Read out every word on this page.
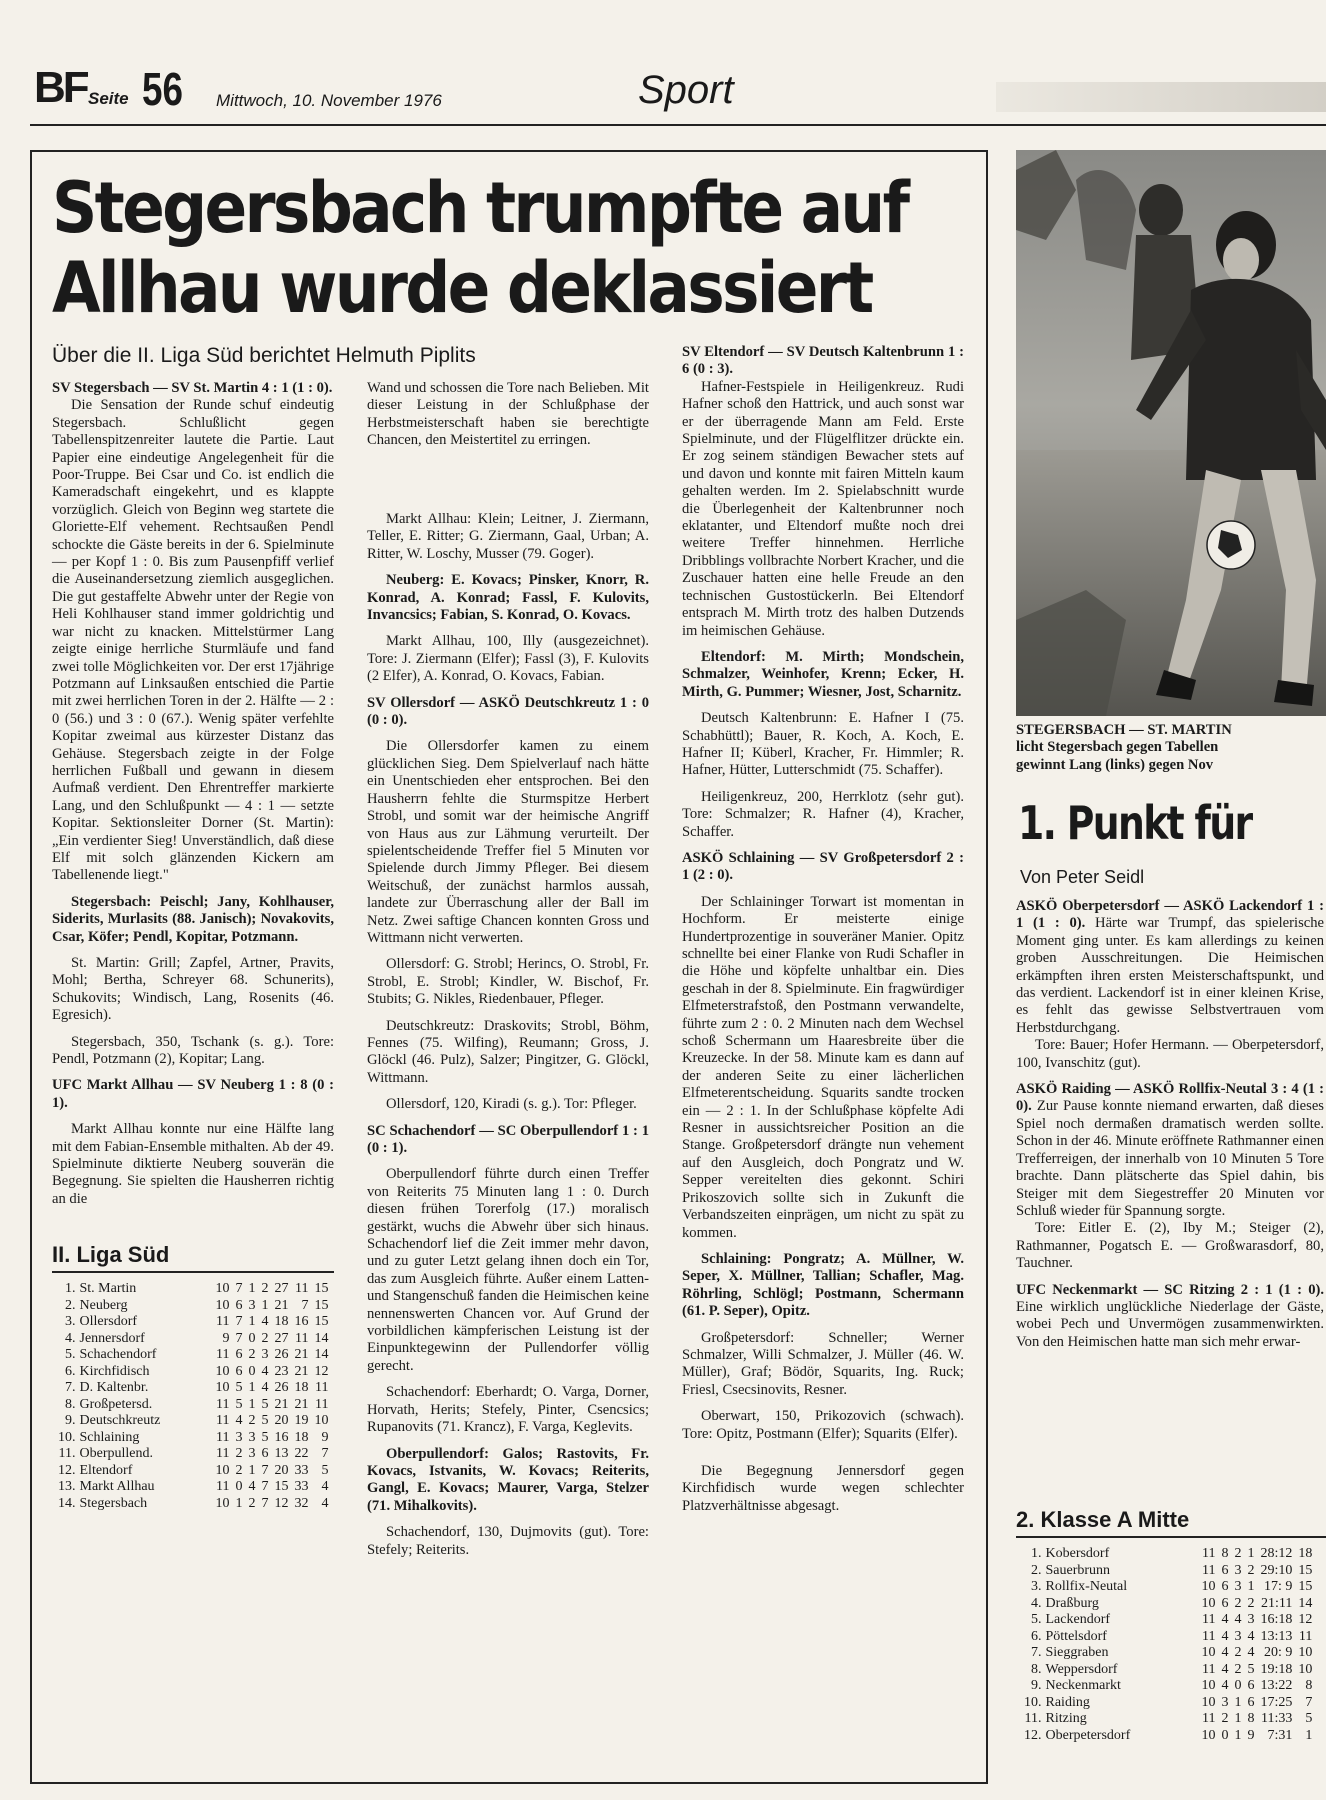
BF Seite 56 Mittwoch, 10. November 1976	Sport
Stegersbach trumpfte auf
Allhau wurde deklassiert
Über die II. Liga Süd berichtet Helmuth Piplits

SV Stegersbach — SV St. Martin 4 : 1 (1 : 0).

Die Sensation der Runde schuf eindeutig Stegersbach. Schlußlicht gegen Tabellenspitzenreiter lautete die Partie. Laut Papier eine eindeutige Angelegenheit für die Poor-Truppe. Bei Csar und Co. ist endlich die Kameradschaft eingekehrt, und es klappte vorzüglich. Gleich von Beginn weg startete die Gloriette-Elf vehement. Rechtsaußen Pendl schockte die Gäste bereits in der 6. Spielminute — per Kopf 1 : 0. Bis zum Pausenpfiff verlief die Auseinandersetzung ziemlich ausgeglichen. Die gut gestaffelte Abwehr unter der Regie von Heli Kohlhauser stand immer goldrichtig und war nicht zu knacken. Mittelstürmer Lang zeigte einige herrliche Sturmläufe und fand zwei tolle Möglichkeiten vor. Der erst 17jährige Potzmann auf Linksaußen entschied die Partie mit zwei herrlichen Toren in der 2. Hälfte — 2 : 0 (56.) und 3 : 0 (67.). Wenig später verfehlte Kopitar zweimal aus kürzester Distanz das Gehäuse. Stegersbach zeigte in der Folge herrlichen Fußball und gewann in diesem Aufmaß verdient. Den Ehrentreffer markierte Lang, und den Schlußpunkt — 4 : 1 — setzte Kopitar. Sektionsleiter Dorner (St. Martin): „Ein verdienter Sieg! Unverständlich, daß diese Elf mit solch glänzenden Kickern am Tabellenende liegt."

Stegersbach: Peischl; Jany, Kohlhauser, Siderits, Murlasits (88. Janisch); Novakovits, Csar, Köfer; Pendl, Kopitar, Potzmann.

St. Martin: Grill; Zapfel, Artner, Pravits, Mohl; Bertha, Schreyer 68. Schunerits), Schukovits; Windisch, Lang, Rosenits (46. Egresich).

Stegersbach, 350, Tschank (s. g.). Tore: Pendl, Potzmann (2), Kopitar; Lang.

UFC Markt Allhau — SV Neuberg 1 : 8 (0 : 1).

Markt Allhau konnte nur eine Hälfte lang mit dem Fabian-Ensemble mithalten. Ab der 49. Spielminute diktierte Neuberg souverän die Begegnung. Sie spielten die Hausherren richtig an die

II. Liga Süd
1.	St. Martin	10	7	1	2	27	11	15
2.	Neuberg	10	6	3	1	21	7	15
3.	Ollersdorf	11	7	1	4	18	16	15
4.	Jennersdorf	9	7	0	2	27	11	14
5.	Schachendorf	11	6	2	3	26	21	14
6.	Kirchfidisch	10	6	0	4	23	21	12
7.	D. Kaltenbr.	10	5	1	4	26	18	11
8.	Großpetersd.	11	5	1	5	21	21	11
9.	Deutschkreutz	11	4	2	5	20	19	10
10.	Schlaining	11	3	3	5	16	18	9
11.	Oberpullend.	11	2	3	6	13	22	7
12.	Eltendorf	10	2	1	7	20	33	5
13.	Markt Allhau	11	0	4	7	15	33	4
14.	Stegersbach	10	1	2	7	12	32	4

Wand und schossen die Tore nach Belieben. Mit dieser Leistung in der Schlußphase der Herbstmeisterschaft haben sie berechtigte Chancen, den Meistertitel zu erringen.

Markt Allhau: Klein; Leitner, J. Ziermann, Teller, E. Ritter; G. Ziermann, Gaal, Urban; A. Ritter, W. Loschy, Musser (79. Goger).

Neuberg: E. Kovacs; Pinsker, Knorr, R. Konrad, A. Konrad; Fassl, F. Kulovits, Invancsics; Fabian, S. Konrad, O. Kovacs.

Markt Allhau, 100, Illy (ausgezeichnet). Tore: J. Ziermann (Elfer); Fassl (3), F. Kulovits (2 Elfer), A. Konrad, O. Kovacs, Fabian.

SV Ollersdorf — ASKÖ Deutschkreutz 1 : 0 (0 : 0).

Die Ollersdorfer kamen zu einem glücklichen Sieg. Dem Spielverlauf nach hätte ein Unentschieden eher entsprochen. Bei den Hausherrn fehlte die Sturmspitze Herbert Strobl, und somit war der heimische Angriff von Haus aus zur Lähmung verurteilt. Der spielentscheidende Treffer fiel 5 Minuten vor Spielende durch Jimmy Pfleger. Bei diesem Weitschuß, der zunächst harmlos aussah, landete zur Überraschung aller der Ball im Netz. Zwei saftige Chancen konnten Gross und Wittmann nicht verwerten.

Ollersdorf: G. Strobl; Herincs, O. Strobl, Fr. Strobl, E. Strobl; Kindler, W. Bischof, Fr. Stubits; G. Nikles, Riedenbauer, Pfleger.

Deutschkreutz: Draskovits; Strobl, Böhm, Fennes (75. Wilfing), Reumann; Gross, J. Glöckl (46. Pulz), Salzer; Pingitzer, G. Glöckl, Wittmann.

Ollersdorf, 120, Kiradi (s. g.). Tor: Pfleger.

SC Schachendorf — SC Oberpullendorf 1 : 1 (0 : 1).

Oberpullendorf führte durch einen Treffer von Reiterits 75 Minuten lang 1 : 0. Durch diesen frühen Torerfolg (17.) moralisch gestärkt, wuchs die Abwehr über sich hinaus. Schachendorf lief die Zeit immer mehr davon, und zu guter Letzt gelang ihnen doch ein Tor, das zum Ausgleich führte. Außer einem Latten- und Stangenschuß fanden die Heimischen keine nennenswerten Chancen vor. Auf Grund der vorbildlichen kämpferischen Leistung ist der Einpunktegewinn der Pullendorfer völlig gerecht.

Schachendorf: Eberhardt; O. Varga, Dorner, Horvath, Herits; Stefely, Pinter, Csencsics; Rupanovits (71. Krancz), F. Varga, Keglevits.

Oberpullendorf: Galos; Rastovits, Fr. Kovacs, Istvanits, W. Kovacs; Reiterits, Gangl, E. Kovacs; Maurer, Varga, Stelzer (71. Mihalkovits).

Schachendorf, 130, Dujmovits (gut). Tore: Stefely; Reiterits.

SV Eltendorf — SV Deutsch Kaltenbrunn 1 : 6 (0 : 3).

Hafner-Festspiele in Heiligenkreuz. Rudi Hafner schoß den Hattrick, und auch sonst war er der überragende Mann am Feld. Erste Spielminute, und der Flügelflitzer drückte ein. Er zog seinem ständigen Bewacher stets auf und davon und konnte mit fairen Mitteln kaum gehalten werden. Im 2. Spielabschnitt wurde die Überlegenheit der Kaltenbrunner noch eklatanter, und Eltendorf mußte noch drei weitere Treffer hinnehmen. Herrliche Dribblings vollbrachte Norbert Kracher, und die Zuschauer hatten eine helle Freude an den technischen Gustostückerln. Bei Eltendorf entsprach M. Mirth trotz des halben Dutzends im heimischen Gehäuse.

Eltendorf: M. Mirth; Mondschein, Schmalzer, Weinhofer, Krenn; Ecker, H. Mirth, G. Pummer; Wiesner, Jost, Scharnitz.

Deutsch Kaltenbrunn: E. Hafner I (75. Schabhüttl); Bauer, R. Koch, A. Koch, E. Hafner II; Küberl, Kracher, Fr. Himmler; R. Hafner, Hütter, Lutterschmidt (75. Schaffer).

Heiligenkreuz, 200, Herrklotz (sehr gut). Tore: Schmalzer; R. Hafner (4), Kracher, Schaffer.

ASKÖ Schlaining — SV Großpetersdorf 2 : 1 (2 : 0).

Der Schlaininger Torwart ist momentan in Hochform. Er meisterte einige Hundertprozentige in souveräner Manier. Opitz schnellte bei einer Flanke von Rudi Schafler in die Höhe und köpfelte unhaltbar ein. Dies geschah in der 8. Spielminute. Ein fragwürdiger Elfmeterstrafstoß, den Postmann verwandelte, führte zum 2 : 0. 2 Minuten nach dem Wechsel schoß Schermann um Haaresbreite über die Kreuzecke. In der 58. Minute kam es dann auf der anderen Seite zu einer lächerlichen Elfmeterentscheidung. Squarits sandte trocken ein — 2 : 1. In der Schlußphase köpfelte Adi Resner in aussichtsreicher Position an die Stange. Großpetersdorf drängte nun vehement auf den Ausgleich, doch Pongratz und W. Sepper vereitelten dies gekonnt. Schiri Prikoszovich sollte sich in Zukunft die Verbandszeiten einprägen, um nicht zu spät zu kommen.

Schlaining: Pongratz; A. Müllner, W. Seper, X. Müllner, Tallian; Schafler, Mag. Röhrling, Schlögl; Postmann, Schermann (61. P. Seper), Opitz.

Großpetersdorf: Schneller; Werner Schmalzer, Willi Schmalzer, J. Müller (46. W. Müller), Graf; Bödör, Squarits, Ing. Ruck; Friesl, Csecsinovits, Resner.

Oberwart, 150, Prikozovich (schwach). Tore: Opitz, Postmann (Elfer); Squarits (Elfer).

Die Begegnung Jennersdorf gegen Kirchfidisch wurde wegen schlechter Platzverhältnisse abgesagt.

STEGERSBACH — ST. MARTIN
licht Stegersbach gegen Tabellen
gewinnt Lang (links) gegen Nov
1. Punkt für
Von Peter Seidl

ASKÖ Oberpetersdorf — ASKÖ Lackendorf 1 : 1 (1 : 0). Härte war Trumpf, das spielerische Moment ging unter. Es kam allerdings zu keinen groben Ausschreitungen. Die Heimischen erkämpften ihren ersten Meisterschaftspunkt, und das verdient. Lackendorf ist in einer kleinen Krise, es fehlt das gewisse Selbstvertrauen vom Herbstdurchgang.

Tore: Bauer; Hofer Hermann. — Oberpetersdorf, 100, Ivanschitz (gut).

ASKÖ Raiding — ASKÖ Rollfix-Neutal 3 : 4 (1 : 0). Zur Pause konnte niemand erwarten, daß dieses Spiel noch dermaßen dramatisch werden sollte. Schon in der 46. Minute eröffnete Rathmanner einen Trefferreigen, der innerhalb von 10 Minuten 5 Tore brachte. Dann plätscherte das Spiel dahin, bis Steiger mit dem Siegestreffer 20 Minuten vor Schluß wieder für Spannung sorgte.

Tore: Eitler E. (2), Iby M.; Steiger (2), Rathmanner, Pogatsch E. — Großwarasdorf, 80, Tauchner.

UFC Neckenmarkt — SC Ritzing 2 : 1 (1 : 0). Eine wirklich unglückliche Niederlage der Gäste, wobei Pech und Unvermögen zusammenwirkten. Von den Heimischen hatte man sich mehr erwar-

2. Klasse A Mitte
1.	Kobersdorf	11	8	2	1	28:12	18
2.	Sauerbrunn	11	6	3	2	29:10	15
3.	Rollfix-Neutal	10	6	3	1	17: 9	15
4.	Draßburg	10	6	2	2	21:11	14
5.	Lackendorf	11	4	4	3	16:18	12
6.	Pöttelsdorf	11	4	3	4	13:13	11
7.	Sieggraben	10	4	2	4	20: 9	10
8.	Weppersdorf	11	4	2	5	19:18	10
9.	Neckenmarkt	10	4	0	6	13:22	8
10.	Raiding	10	3	1	6	17:25	7
11.	Ritzing	11	2	1	8	11:33	5
12.	Oberpetersdorf	10	0	1	9	7:31	1
